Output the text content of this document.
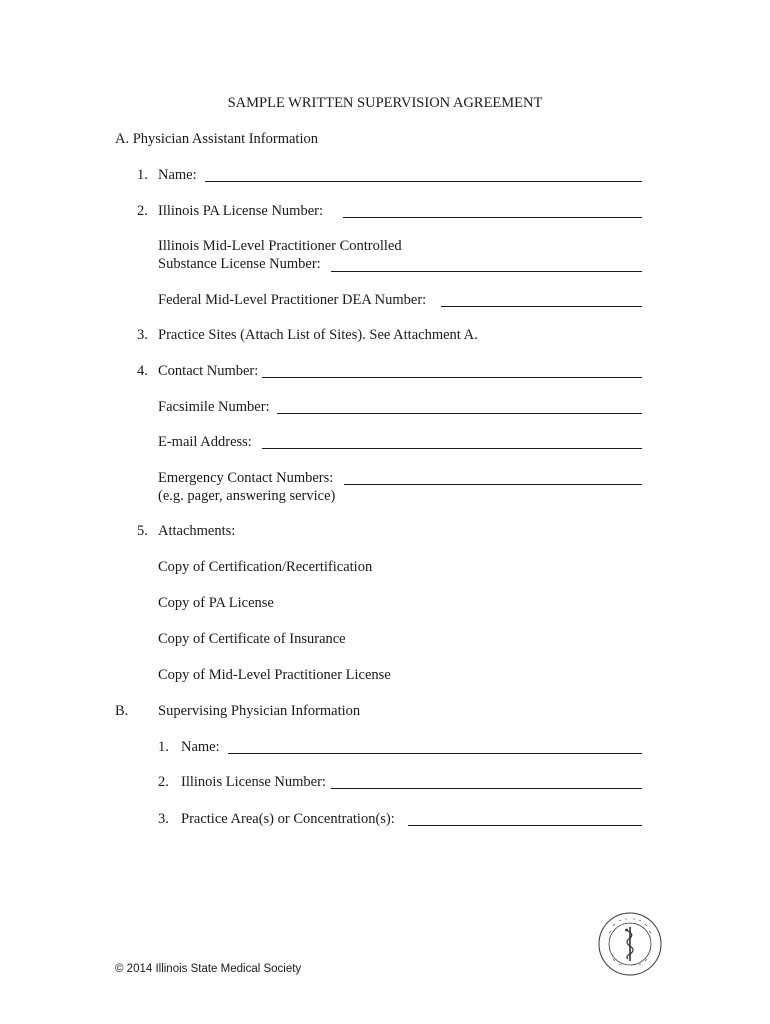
SAMPLE WRITTEN SUPERVISION AGREEMENT
A. Physician Assistant Information
1. Name:
2. Illinois PA License Number:
Illinois Mid-Level Practitioner Controlled
Substance License Number:
Federal Mid-Level Practitioner DEA Number:
3. Practice Sites (Attach List of Sites). See Attachment A.
4. Contact Number:
Facsimile Number:
E-mail Address:
Emergency Contact Numbers:
(e.g. pager, answering service)
5. Attachments:
Copy of Certification/Recertification
Copy of PA License
Copy of Certificate of Insurance
Copy of Mid-Level Practitioner License
B. Supervising Physician Information
1. Name:
2. Illinois License Number:
3. Practice Area(s) or Concentration(s):
© 2014 Illinois State Medical Society
